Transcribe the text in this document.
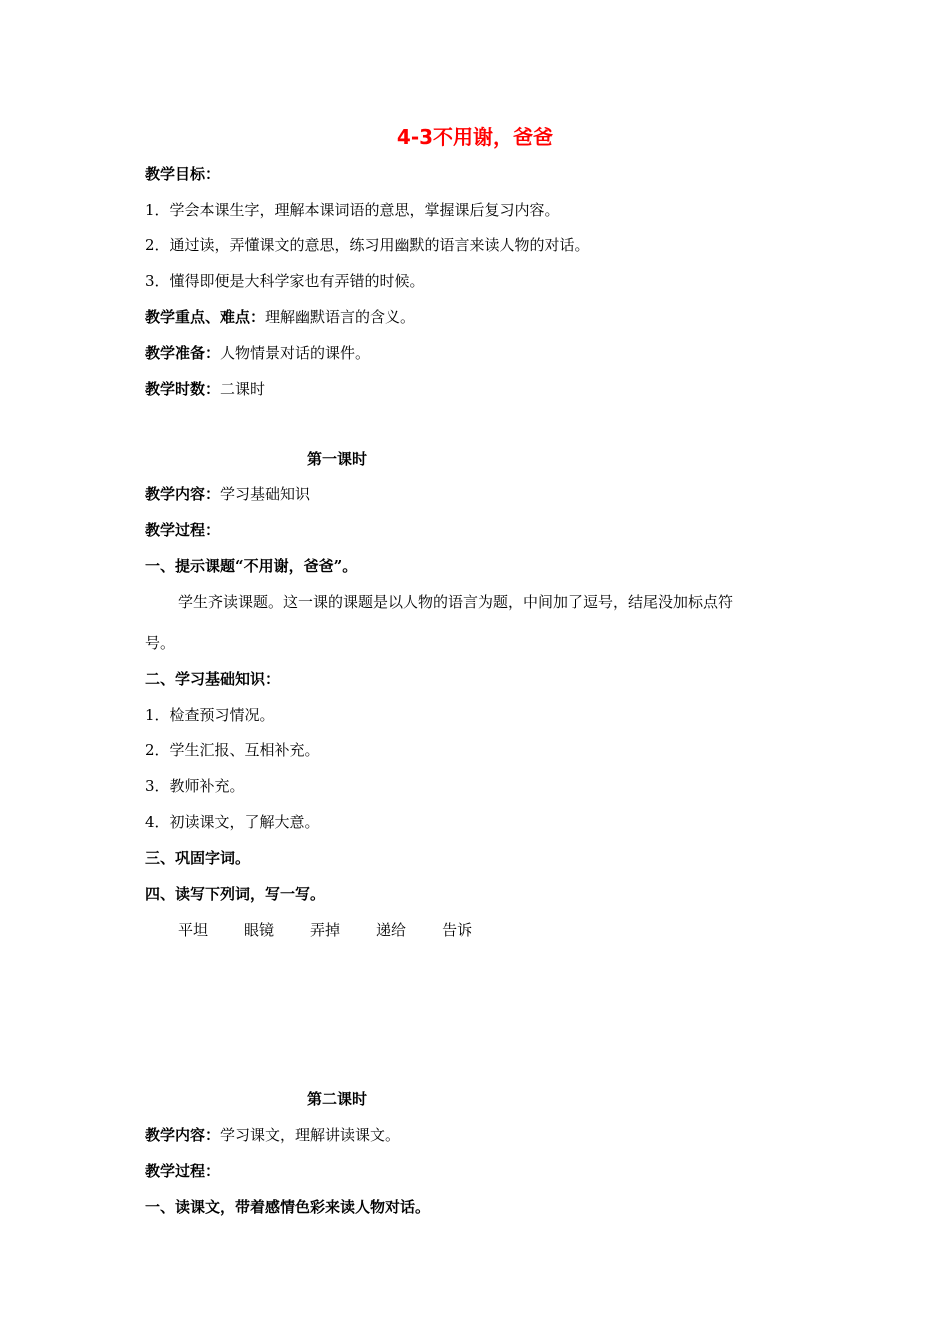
4-3不用谢，爸爸
教学目标：
1．学会本课生字，理解本课词语的意思，掌握课后复习内容。
2．通过读，弄懂课文的意思，练习用幽默的语言来读人物的对话。
3．懂得即便是大科学家也有弄错的时候。
教学重点、难点：理解幽默语言的含义。
教学准备：人物情景对话的课件。
教学时数：二课时
第一课时
教学内容：学习基础知识
教学过程：
一、提示课题“不用谢，爸爸”。
学生齐读课题。这一课的课题是以人物的语言为题，中间加了逗号，结尾没加标点符
号。
二、学习基础知识：
1．检查预习情况。
2．学生汇报、互相补充。
3．教师补充。
4．初读课文，了解大意。
三、巩固字词。
四、读写下列词，写一写。
平坦 眼镜 弄掉 递给 告诉
第二课时
教学内容：学习课文，理解讲读课文。
教学过程：
一、读课文，带着感情色彩来读人物对话。
